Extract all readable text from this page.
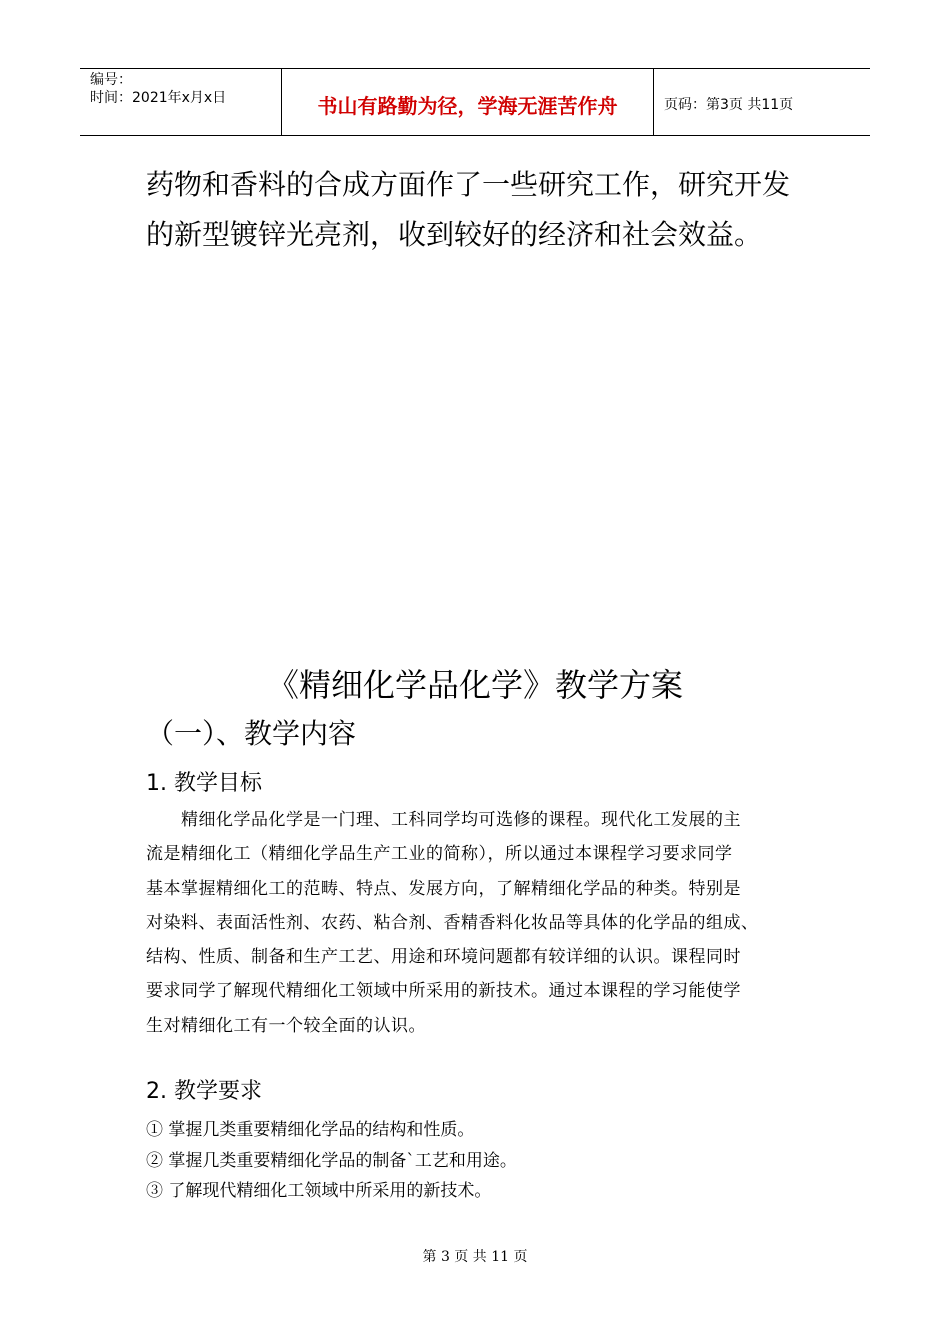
编号：
时间：2021年x月x日	书山有路勤为径，学海无涯苦作舟	页码：第3页 共11页

药物和香料的合成方面作了一些研究工作，研究开发
的新型镀锌光亮剂，收到较好的经济和社会效益。

《精细化学品化学》教学方案
（一）、教学内容
1. 教学目标

　　精细化学品化学是一门理、工科同学均可选修的课程。现代化工发展的主
流是精细化工（精细化学品生产工业的简称），所以通过本课程学习要求同学
基本掌握精细化工的范畴、特点、发展方向，了解精细化学品的种类。特别是
对染料、表面活性剂、农药、粘合剂、香精香料化妆品等具体的化学品的组成、
结构、性质、制备和生产工艺、用途和环境问题都有较详细的认识。课程同时
要求同学了解现代精细化工领域中所采用的新技术。通过本课程的学习能使学
生对精细化工有一个较全面的认识。

2. 教学要求
① 掌握几类重要精细化学品的结构和性质。
② 掌握几类重要精细化学品的制备`工艺和用途。
③ 了解现代精细化工领域中所采用的新技术。
第 3 页 共 11 页
